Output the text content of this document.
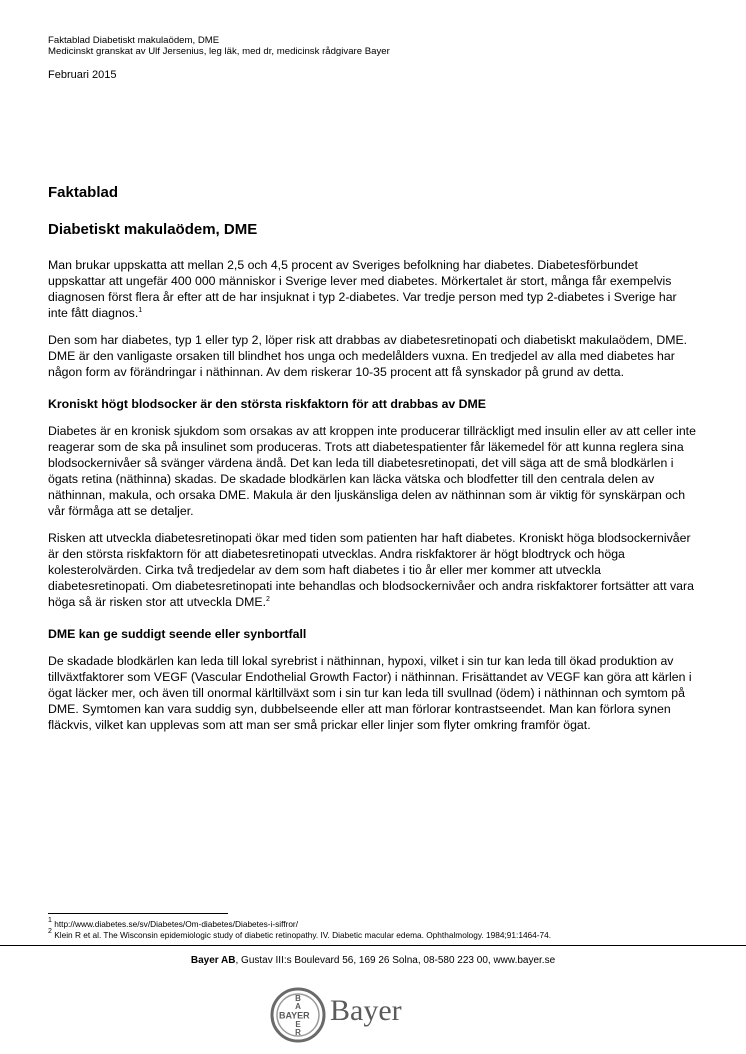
Faktablad Diabetiskt makulaödem, DME
Medicinskt granskat av Ulf Jersenius, leg läk, med dr, medicinsk rådgivare Bayer
Februari 2015
Faktablad
Diabetiskt makulaödem, DME

Man brukar uppskatta att mellan 2,5 och 4,5 procent av Sveriges befolkning har diabetes. Diabetesförbundet uppskattar att ungefär 400 000 människor i Sverige lever med diabetes. Mörkertalet är stort, många får exempelvis diagnosen först flera år efter att de har insjuknat i typ 2-diabetes. Var tredje person med typ 2-diabetes i Sverige har inte fått diagnos.$^1$

Den som har diabetes, typ 1 eller typ 2, löper risk att drabbas av diabetesretinopati och diabetiskt makulaödem, DME. DME är den vanligaste orsaken till blindhet hos unga och medelålders vuxna. En tredjedel av alla med diabetes har någon form av förändringar i näthinnan. Av dem riskerar 10-35 procent att få synskador på grund av detta.

Kroniskt högt blodsocker är den största riskfaktorn för att drabbas av DME

Diabetes är en kronisk sjukdom som orsakas av att kroppen inte producerar tillräckligt med insulin eller av att celler inte reagerar som de ska på insulinet som produceras. Trots att diabetespatienter får läkemedel för att kunna reglera sina blodsockernivåer så svänger värdena ändå. Det kan leda till diabetesretinopati, det vill säga att de små blodkärlen i ögats retina (näthinna) skadas. De skadade blodkärlen kan läcka vätska och blodfetter till den centrala delen av näthinnan, makula, och orsaka DME. Makula är den ljuskänsliga delen av näthinnan som är viktig för synskärpan och vår förmåga att se detaljer.

Risken att utveckla diabetesretinopati ökar med tiden som patienten har haft diabetes. Kroniskt höga blodsockernivåer är den största riskfaktorn för att diabetesretinopati utvecklas. Andra riskfaktorer är högt blodtryck och höga kolesterolvärden. Cirka två tredjedelar av dem som haft diabetes i tio år eller mer kommer att utveckla diabetesretinopati. Om diabetesretinopati inte behandlas och blodsockernivåer och andra riskfaktorer fortsätter att vara höga så är risken stor att utveckla DME.$^2$

DME kan ge suddigt seende eller synbortfall

De skadade blodkärlen kan leda till lokal syrebrist i näthinnan, hypoxi, vilket i sin tur kan leda till ökad produktion av tillväxtfaktorer som VEGF (Vascular Endothelial Growth Factor) i näthinnan. Frisättandet av VEGF kan göra att kärlen i ögat läcker mer, och även till onormal kärltillväxt som i sin tur kan leda till svullnad (ödem) i näthinnan och symtom på DME. Symtomen kan vara suddig syn, dubbelseende eller att man förlorar kontrastseendet. Man kan förlora synen fläckvis, vilket kan upplevas som att man ser små prickar eller linjer som flyter omkring framför ögat.

$^1$ http://www.diabetes.se/sv/Diabetes/Om-diabetes/Diabetes-i-siffror/
$^2$ Klein R et al. The Wisconsin epidemiologic study of diabetic retinopathy. IV. Diabetic macular edema. Ophthalmology. 1984;91:1464-74.
Bayer AB, Gustav III:s Boulevard 56, 169 26 Solna, 08-580 223 00, www.bayer.se
BAYER
B
A
E
R
Bayer
